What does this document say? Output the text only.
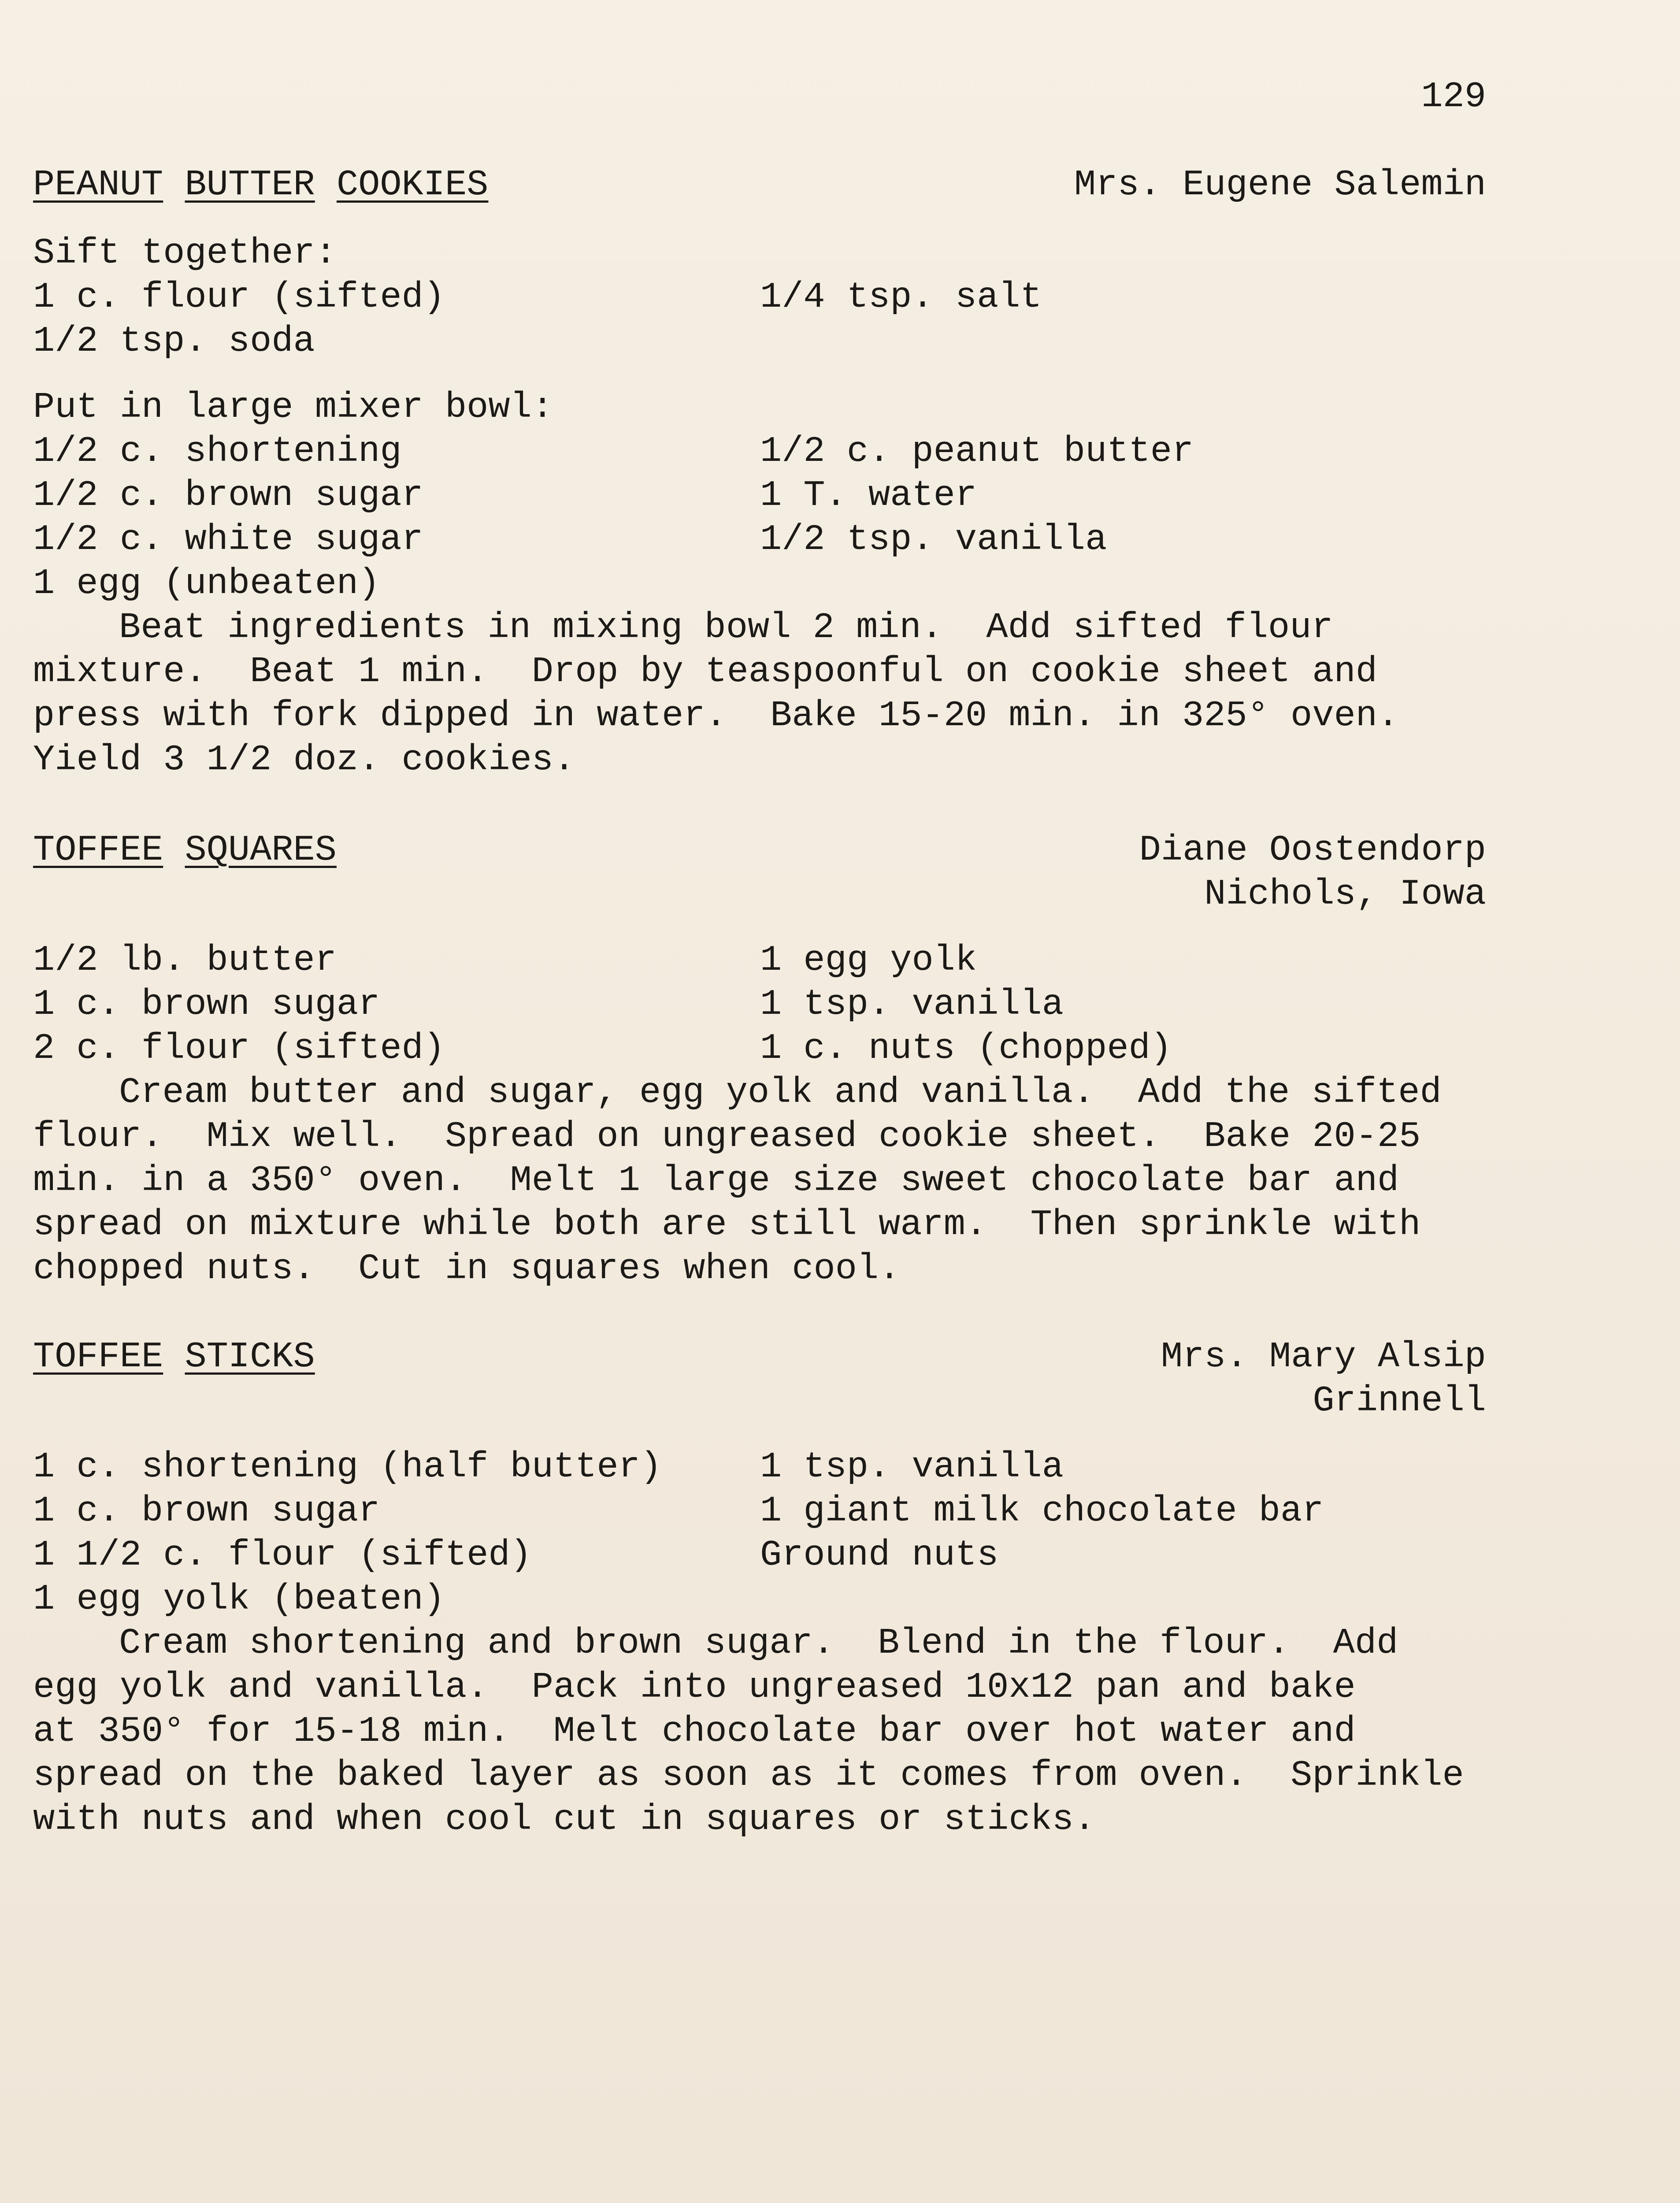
129
PEANUT BUTTER COOKIES	Mrs. Eugene Salemin
Sift together:
1 c. flour (sifted)	1/4 tsp. salt
1/2 tsp. soda
Put in large mixer bowl:
1/2 c. shortening	1/2 c. peanut butter
1/2 c. brown sugar	1 T. water
1/2 c. white sugar	1/2 tsp. vanilla
1 egg (unbeaten)
Beat ingredients in mixing bowl 2 min.  Add sifted flour
mixture.  Beat 1 min.  Drop by teaspoonful on cookie sheet and
press with fork dipped in water.  Bake 15-20 min. in 325° oven.
Yield 3 1/2 doz. cookies.
TOFFEE SQUARES	Diane Oostendorp
Nichols, Iowa
1/2 lb. butter	1 egg yolk
1 c. brown sugar	1 tsp. vanilla
2 c. flour (sifted)	1 c. nuts (chopped)
Cream butter and sugar, egg yolk and vanilla.  Add the sifted
flour.  Mix well.  Spread on ungreased cookie sheet.  Bake 20-25
min. in a 350° oven.  Melt 1 large size sweet chocolate bar and
spread on mixture while both are still warm.  Then sprinkle with
chopped nuts.  Cut in squares when cool.
TOFFEE STICKS	Mrs. Mary Alsip
Grinnell
1 c. shortening (half butter)	1 tsp. vanilla
1 c. brown sugar	1 giant milk chocolate bar
1 1/2 c. flour (sifted)	Ground nuts
1 egg yolk (beaten)
Cream shortening and brown sugar.  Blend in the flour.  Add
egg yolk and vanilla.  Pack into ungreased 10x12 pan and bake
at 350° for 15-18 min.  Melt chocolate bar over hot water and
spread on the baked layer as soon as it comes from oven.  Sprinkle
with nuts and when cool cut in squares or sticks.
